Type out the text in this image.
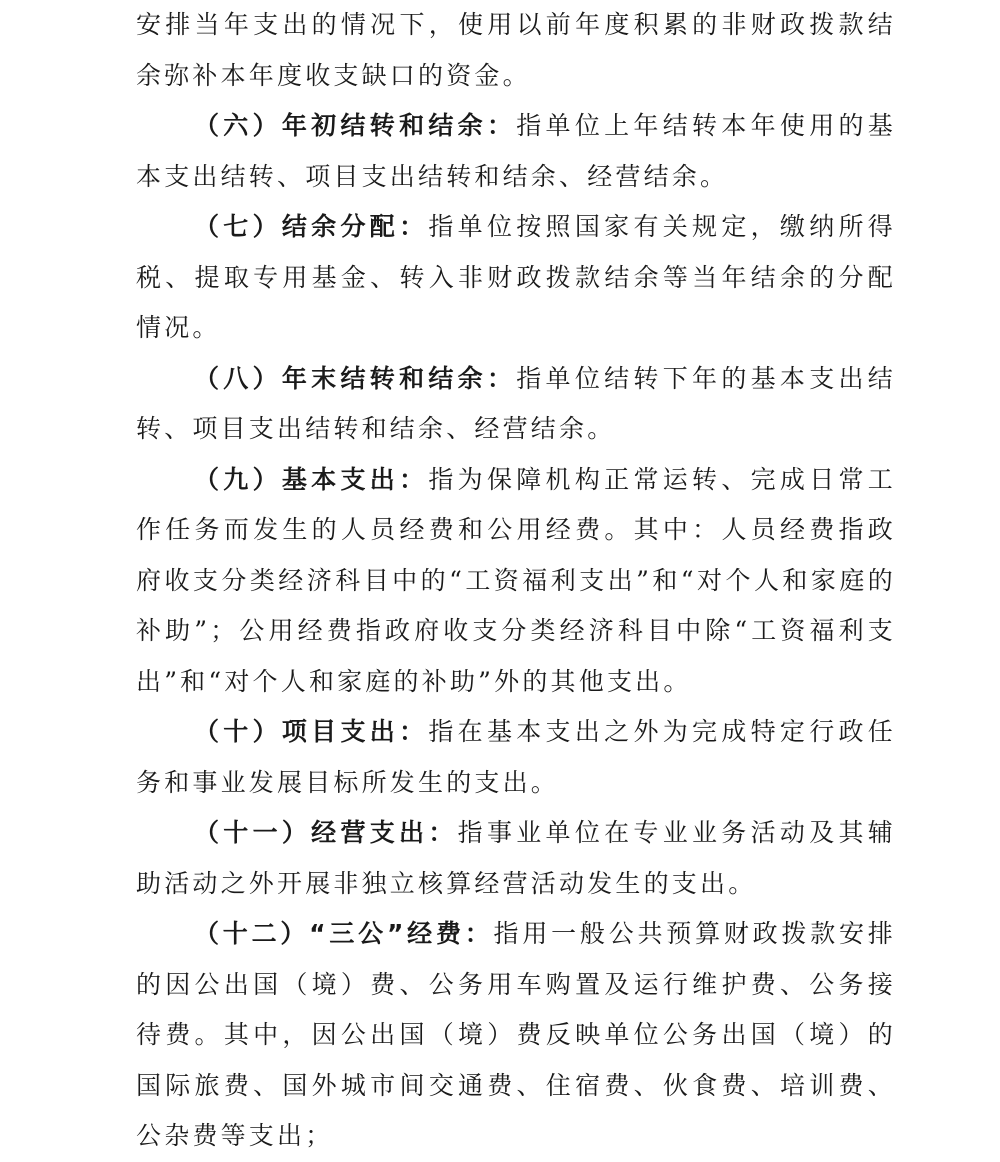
安排当年支出的情况下，使用以前年度积累的非财政拨款结余弥补本年度收支缺口的资金。

（六）年初结转和结余：指单位上年结转本年使用的基本支出结转、项目支出结转和结余、经营结余。

（七）结余分配：指单位按照国家有关规定，缴纳所得税、提取专用基金、转入非财政拨款结余等当年结余的分配情况。

（八）年末结转和结余：指单位结转下年的基本支出结转、项目支出结转和结余、经营结余。

（九）基本支出：指为保障机构正常运转、完成日常工作任务而发生的人员经费和公用经费。其中：人员经费指政府收支分类经济科目中的“工资福利支出”和“对个人和家庭的补助”；公用经费指政府收支分类经济科目中除“工资福利支出”和“对个人和家庭的补助”外的其他支出。

（十）项目支出：指在基本支出之外为完成特定行政任务和事业发展目标所发生的支出。

（十一）经营支出：指事业单位在专业业务活动及其辅助活动之外开展非独立核算经营活动发生的支出。

（十二）“三公”经费：指用一般公共预算财政拨款安排的因公出国（境）费、公务用车购置及运行维护费、公务接待费。其中，因公出国（境）费反映单位公务出国（境）的国际旅费、国外城市间交通费、住宿费、伙食费、培训费、公杂费等支出；
